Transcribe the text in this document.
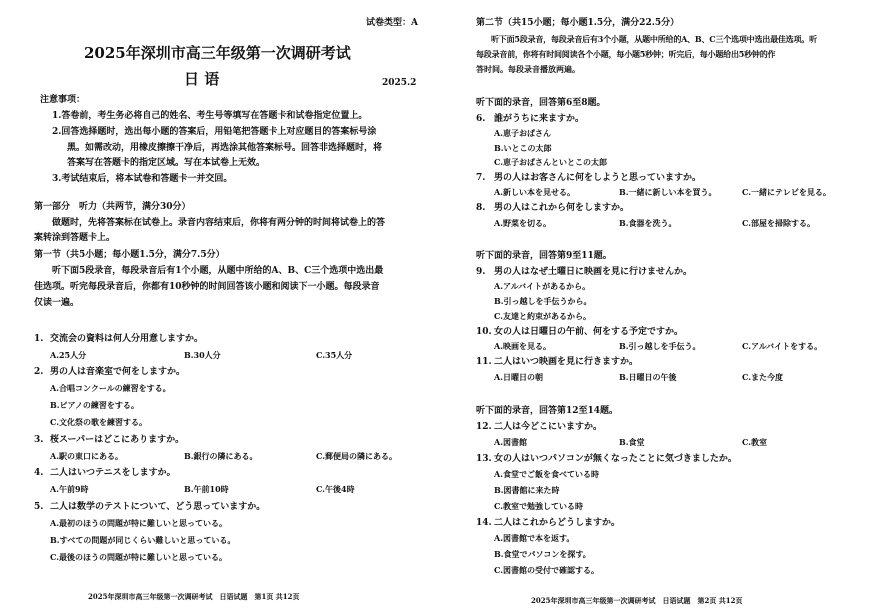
试卷类型：A
2025年深圳市高三年级第一次调研考试
日 语	2025.2
注意事项：
1.答卷前，考生务必将自己的姓名、考生号等填写在答题卡和试卷指定位置上。
2.回答选择题时，选出每小题的答案后，用铅笔把答题卡上对应题目的答案标号涂
黑。如需改动，用橡皮擦擦干净后，再选涂其他答案标号。回答非选择题时，将
答案写在答题卡的指定区域。写在本试卷上无效。
3.考试结束后，将本试卷和答题卡一并交回。
第一部分　听力（共两节，满分30分）
做题时，先将答案标在试卷上。录音内容结束后，你将有两分钟的时间将试卷上的答
案转涂到答题卡上。
第一节（共5小题；每小题1.5分，满分7.5分）
听下面5段录音，每段录音后有1个小题，从题中所给的A、B、C三个选项中选出最
佳选项。听完每段录音后，你都有10秒钟的时间回答该小题和阅读下一小题。每段录音
仅读一遍。
1. 交流会の資料は何人分用意しますか。
A.25人分	B.30人分	C.35人分
2. 男の人は音楽室で何をしますか。
A.合唱コンクールの練習をする。
B.ピアノの練習をする。
C.文化祭の歌を練習する。
3. 桜スーパーはどこにありますか。
A.駅の東口にある。	B.銀行の隣にある。	C.郵便局の隣にある。
4. 二人はいつテニスをしますか。
A.午前9時	B.午前10時	C.午後4時
5. 二人は数学のテストについて、どう思っていますか。
A.最初のほうの問題が特に難しいと思っている。
B.すべての問題が同じくらい難しいと思っている。
C.最後のほうの問題が特に難しいと思っている。
2025年深圳市高三年级第一次调研考试　日语试题　第1页 共12页
第二节（共15小题；每小题1.5分，满分22.5分）
听下面5段录音，每段录音后有3个小题，从题中所给的A、B、C三个选项中选出最佳选项。听
每段录音前，你将有时间阅读各个小题，每小题5秒钟；听完后，每小题给出5秒钟的作
答时间。每段录音播放两遍。
听下面的录音，回答第6至8题。
6. 誰がうちに来ますか。
A.恵子おばさん
B.いとこの太郎
C.恵子おばさんといとこの太郎
7. 男の人はお客さんに何をしようと思っていますか。
A.新しい本を見せる。	B.一緒に新しい本を買う。	C.一緒にテレビを見る。
8. 男の人はこれから何をしますか。
A.野菜を切る。	B.食器を洗う。	C.部屋を掃除する。
听下面的录音，回答第9至11题。
9. 男の人はなぜ土曜日に映画を見に行けませんか。
A.アルバイトがあるから。
B.引っ越しを手伝うから。
C.友達と約束があるから。
10. 女の人は日曜日の午前、何をする予定ですか。
A.映画を見る。	B.引っ越しを手伝う。	C.アルバイトをする。
11. 二人はいつ映画を見に行きますか。
A.日曜日の朝	B.日曜日の午後	C.また今度
听下面的录音，回答第12至14题。
12. 二人は今どこにいますか。
A.図書館	B.食堂	C.教室
13. 女の人はいつパソコンが無くなったことに気づきましたか。
A.食堂でご飯を食べている時
B.図書館に来た時
C.教室で勉強している時
14. 二人はこれからどうしますか。
A.図書館で本を返す。
B.食堂でパソコンを探す。
C.図書館の受付で確認する。
2025年深圳市高三年级第一次调研考试　日语试题　第2页 共12页
